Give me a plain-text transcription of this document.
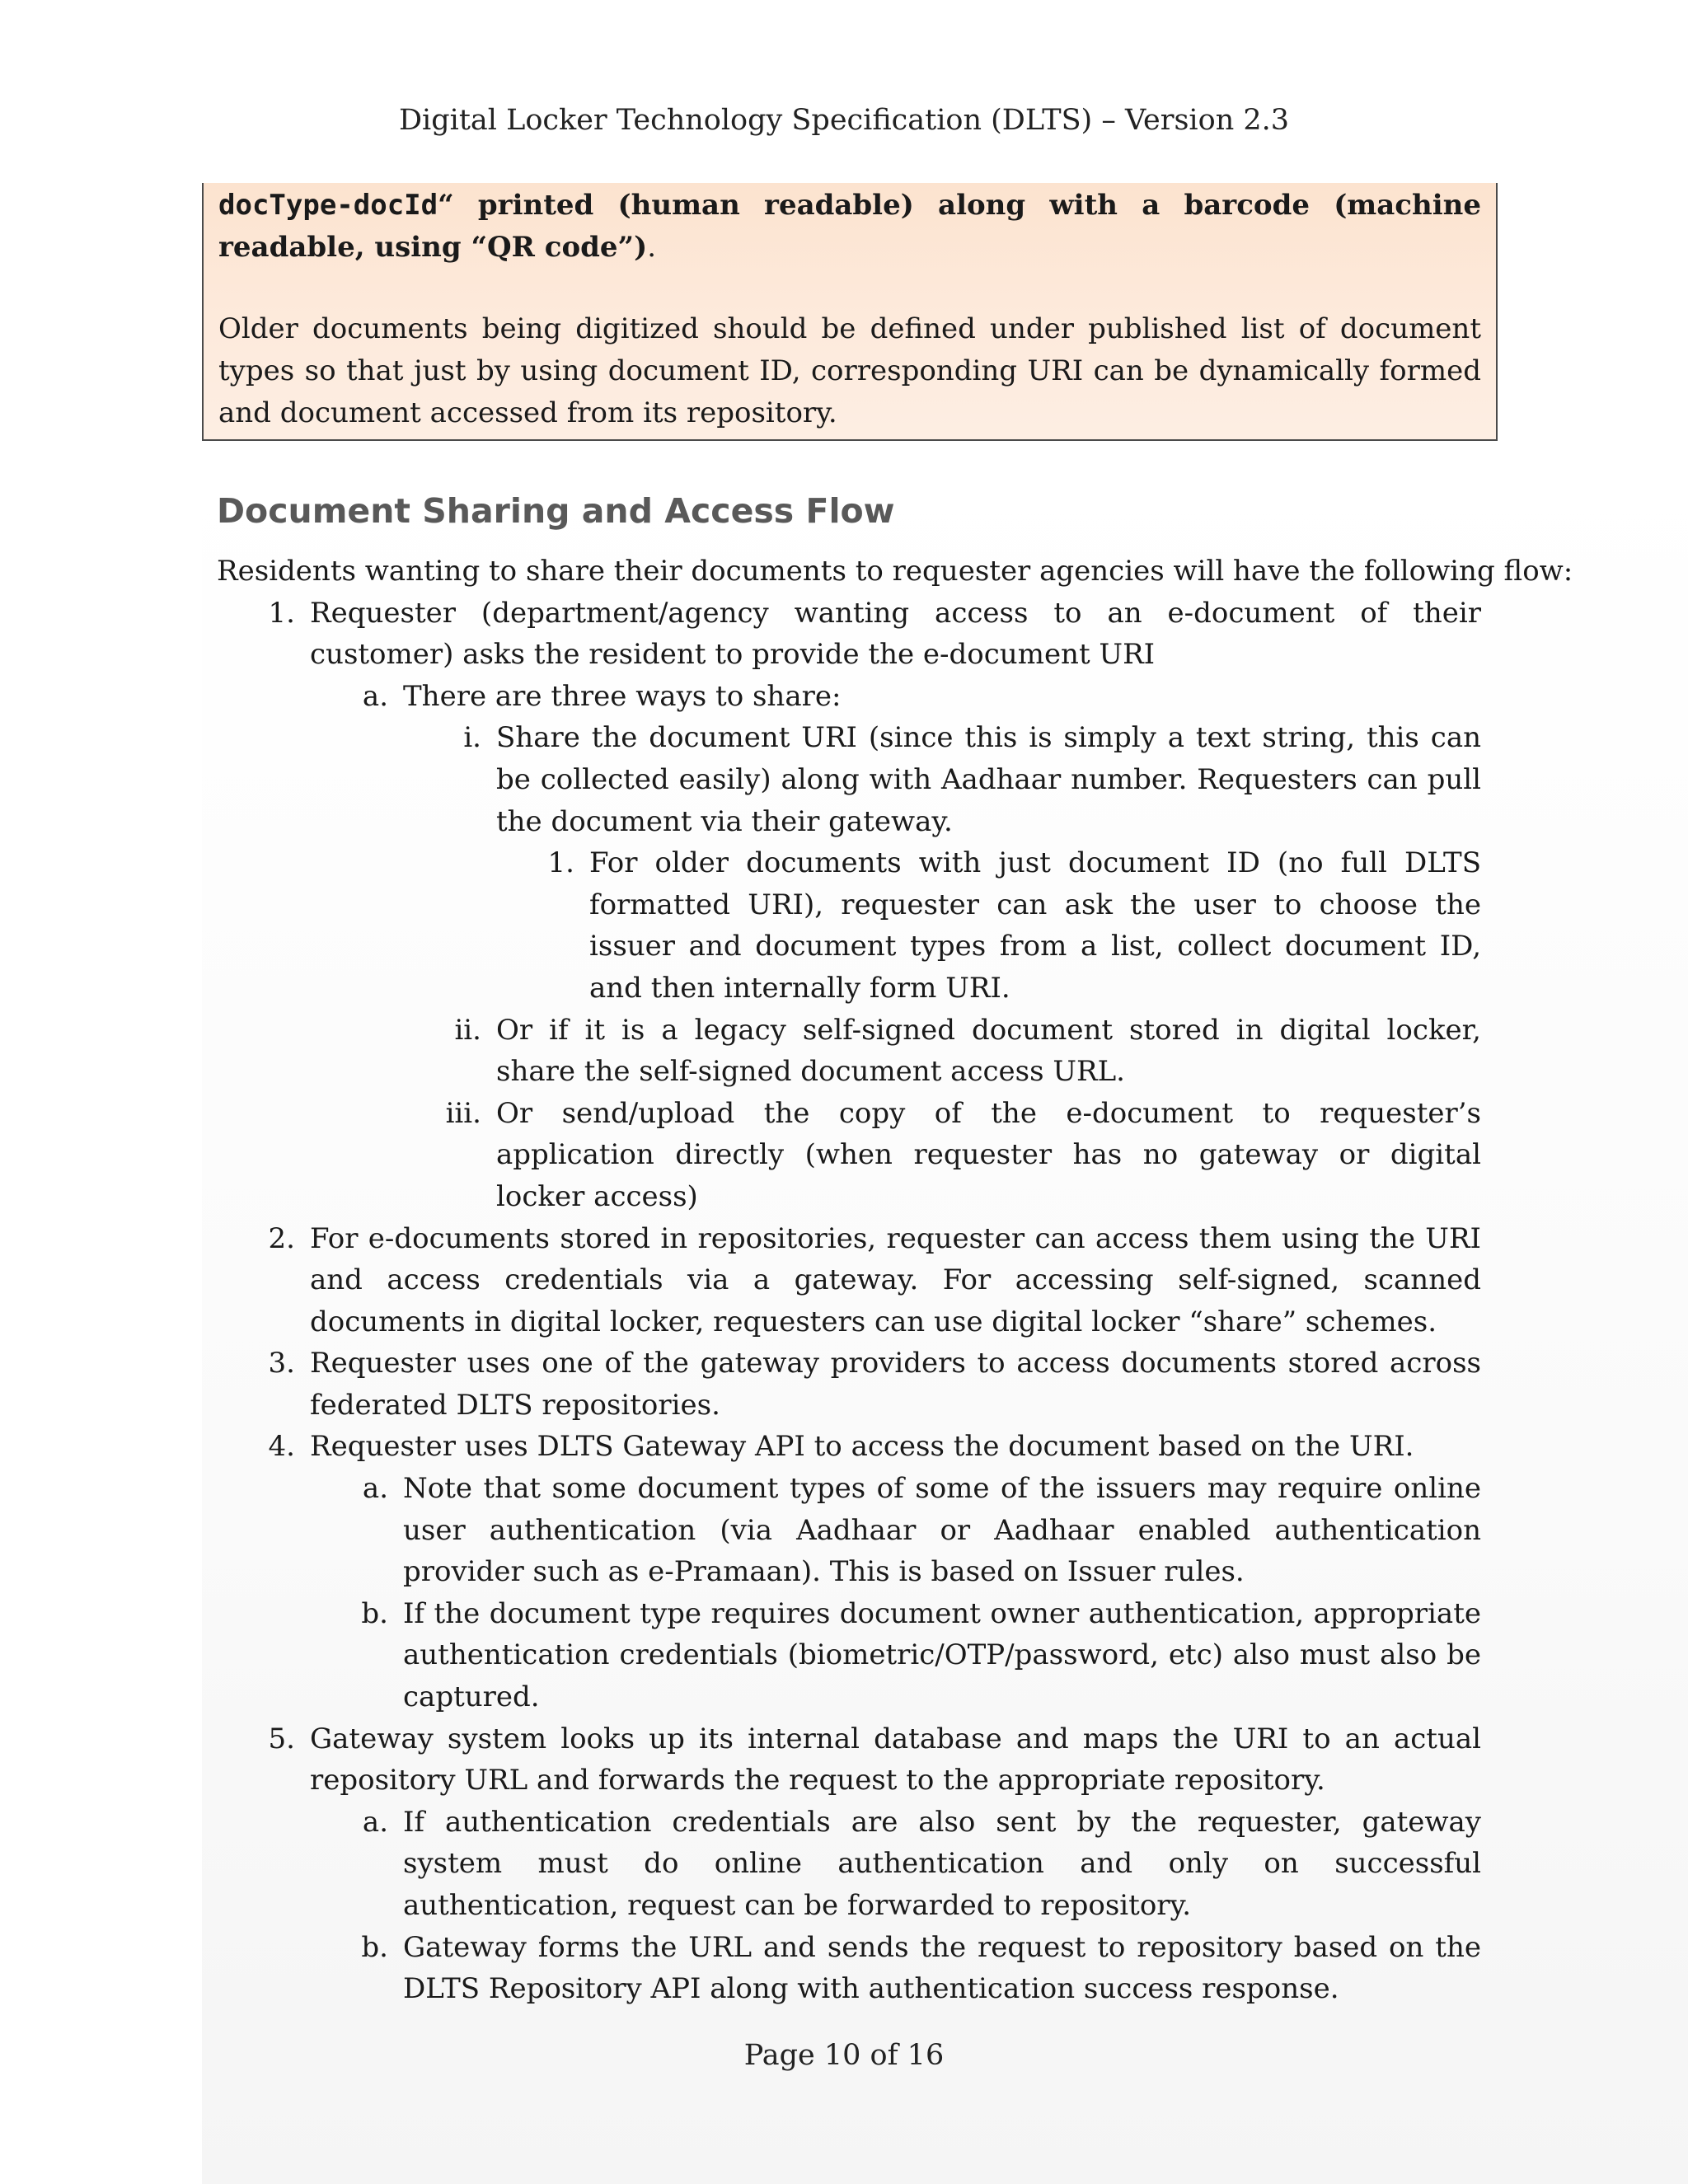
Digital Locker Technology Specification (DLTS) – Version 2.3

docType-docId“ printed (human readable) along with a barcode (machine readable, using “QR code”).

Older documents being digitized should be defined under published list of document types so that just by using document ID, corresponding URI can be dynamically formed and document accessed from its repository.

Document Sharing and Access Flow

Residents wanting to share their documents to requester agencies will have the following flow:

1. Requester (department/agency wanting access to an e-document of their customer) asks the resident to provide the e-document URI
a. There are three ways to share:
i. Share the document URI (since this is simply a text string, this can be collected easily) along with Aadhaar number. Requesters can pull the document via their gateway.
1. For older documents with just document ID (no full DLTS formatted URI), requester can ask the user to choose the issuer and document types from a list, collect document ID, and then internally form URI.
ii. Or if it is a legacy self-signed document stored in digital locker, share the self-signed document access URL.
iii. Or send/upload the copy of the e-document to requester’s application directly (when requester has no gateway or digital locker access)
2. For e-documents stored in repositories, requester can access them using the URI and access credentials via a gateway. For accessing self-signed, scanned documents in digital locker, requesters can use digital locker “share” schemes.
3. Requester uses one of the gateway providers to access documents stored across federated DLTS repositories.
4. Requester uses DLTS Gateway API to access the document based on the URI.
a. Note that some document types of some of the issuers may require online user authentication (via Aadhaar or Aadhaar enabled authentication provider such as e-Pramaan). This is based on Issuer rules.
b. If the document type requires document owner authentication, appropriate authentication credentials (biometric/OTP/password, etc) also must also be captured.
5. Gateway system looks up its internal database and maps the URI to an actual repository URL and forwards the request to the appropriate repository.
a. If authentication credentials are also sent by the requester, gateway system must do online authentication and only on successful authentication, request can be forwarded to repository.
b. Gateway forms the URL and sends the request to repository based on the DLTS Repository API along with authentication success response.
Page 10 of 16
